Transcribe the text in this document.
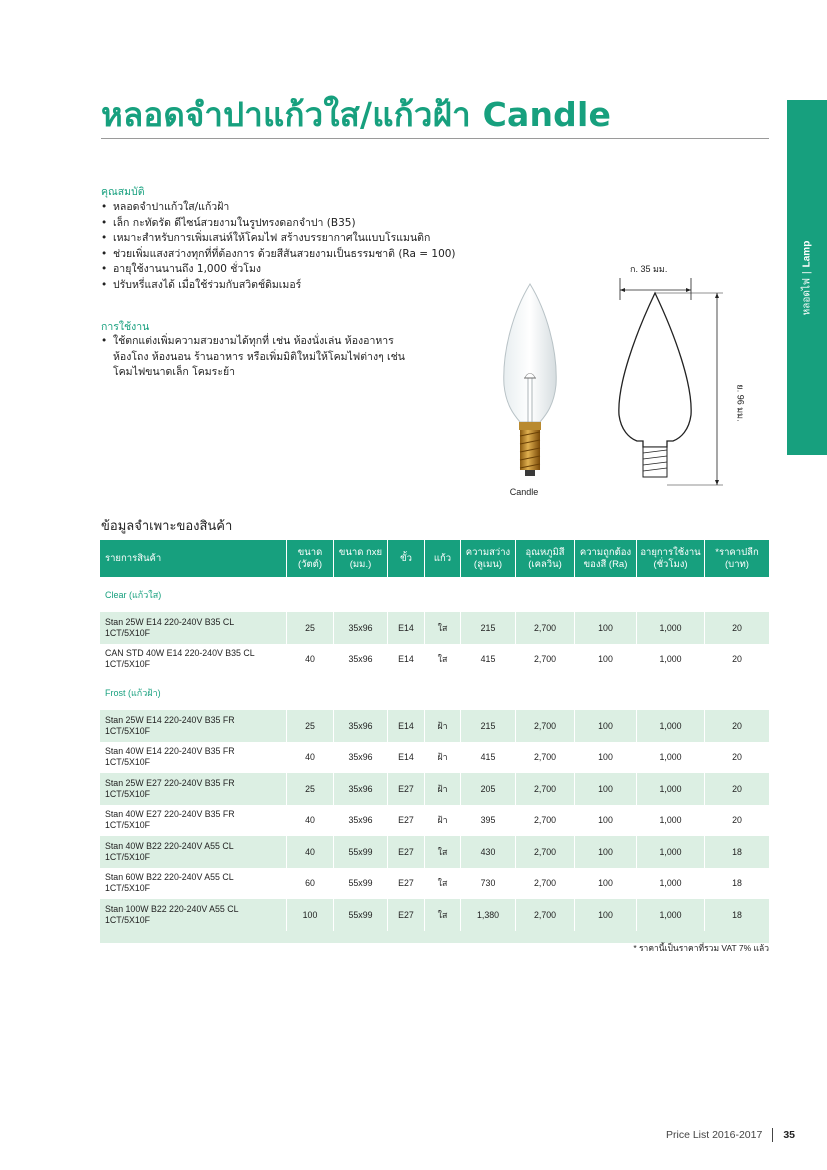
หลอดจำปาแก้วใส/แก้วฝ้า Candle
หลอดไฟ|Lamp
คุณสมบัติ
• หลอดจำปาแก้วใส/แก้วฝ้า
• เล็ก กะทัดรัด ดีไซน์สวยงามในรูปทรงดอกจำปา (B35)
• เหมาะสำหรับการเพิ่มเสน่ห์ให้โคมไฟ สร้างบรรยากาศในแบบโรแมนติก
• ช่วยเพิ่มแสงสว่างทุกที่ที่ต้องการ ด้วยสีสันสวยงามเป็นธรรมชาติ (Ra = 100)
• อายุใช้งานนานถึง 1,000 ชั่วโมง
• ปรับหรี่แสงได้ เมื่อใช้ร่วมกับสวิตช์ดิมเมอร์
การใช้งาน
• ใช้ตกแต่งเพิ่มความสวยงามได้ทุกที่ เช่น ห้องนั่งเล่น ห้องอาหาร ห้องโถง ห้องนอน ร้านอาหาร หรือเพิ่มมิติใหม่ให้โคมไฟต่างๆ เช่น โคมไฟขนาดเล็ก โคมระย้า
Candle
ก. 35 มม.
ย. 96 มม.
ข้อมูลจำเพาะของสินค้า
รายการสินค้า	ขนาด (วัตต์)	ขนาด กxย (มม.)	ขั้ว	แก้ว	ความสว่าง (ลูเมน)	อุณหภูมิสี (เคลวิน)	ความถูกต้อง ของสี (Ra)	อายุการใช้งาน (ชั่วโมง)	*ราคาปลีก (บาท)
Clear (แก้วใส)									

Stan 25W E14 220-240V B35 CL
1CT/5X10F	25	35x96	E14	ใส	215	2,700	100	1,000	20

CAN STD 40W E14 220-240V B35 CL
1CT/5X10F	40	35x96	E14	ใส	415	2,700	100	1,000	20
Frost (แก้วฝ้า)									

Stan 25W E14 220-240V B35 FR
1CT/5X10F	25	35x96	E14	ฝ้า	215	2,700	100	1,000	20

Stan 40W E14 220-240V B35 FR
1CT/5X10F	40	35x96	E14	ฝ้า	415	2,700	100	1,000	20

Stan 25W E27 220-240V B35 FR
1CT/5X10F	25	35x96	E27	ฝ้า	205	2,700	100	1,000	20

Stan 40W E27 220-240V B35 FR
1CT/5X10F	40	35x96	E27	ฝ้า	395	2,700	100	1,000	20

Stan 40W B22 220-240V A55 CL
1CT/5X10F	40	55x99	E27	ใส	430	2,700	100	1,000	18

Stan 60W B22 220-240V A55 CL
1CT/5X10F	60	55x99	E27	ใส	730	2,700	100	1,000	18

Stan 100W B22 220-240V A55 CL
1CT/5X10F	100	55x99	E27	ใส	1,380	2,700	100	1,000	18

* ราคานี้เป็นราคาที่รวม VAT 7% แล้ว
Price List 2016-2017 35
